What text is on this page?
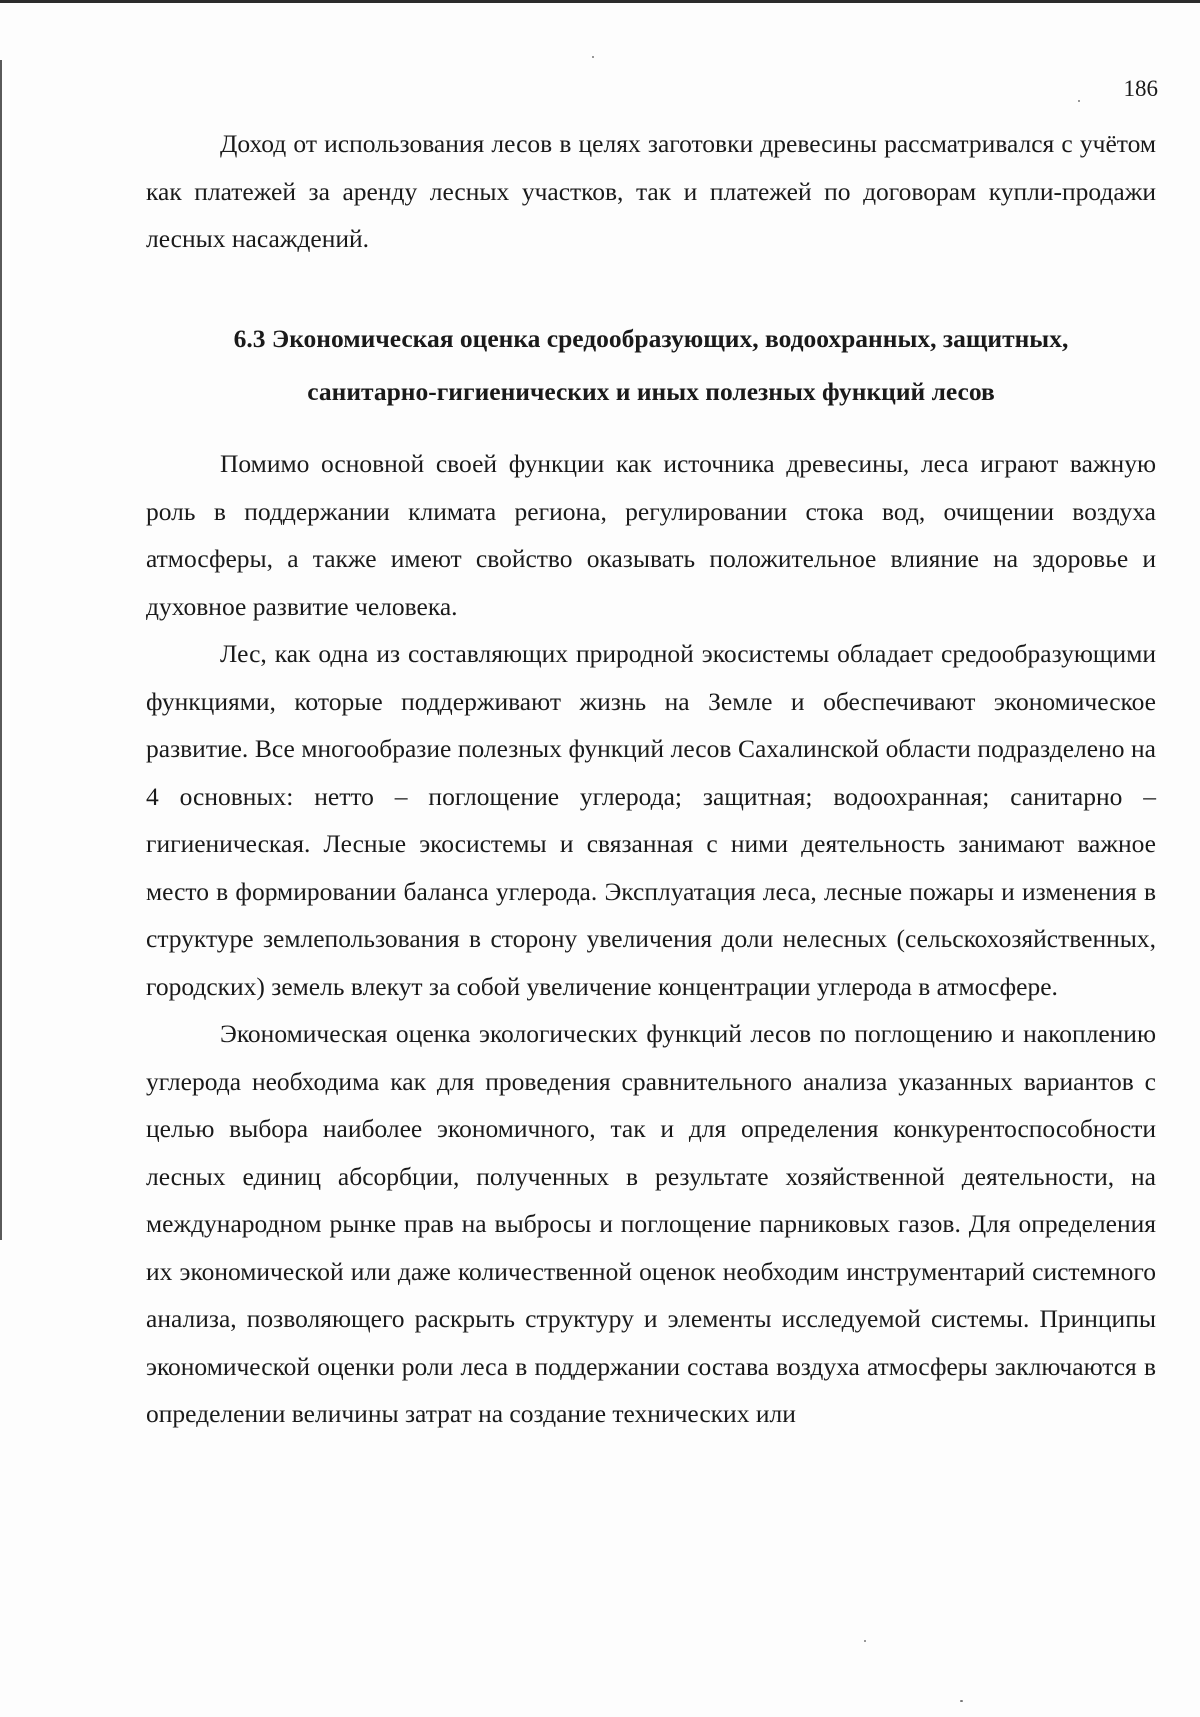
186

Доход от использования лесов в целях заготовки древесины рассматривался с учётом как платежей за аренду лесных участков, так и платежей по договорам купли-продажи лесных насаждений.

6.3 Экономическая оценка средообразующих, водоохранных, защитных,
санитарно-гигиенических и иных полезных функций лесов

Помимо основной своей функции как источника древесины, леса играют важную роль в поддержании климата региона, регулировании стока вод, очищении воздуха атмосферы, а также имеют свойство оказывать положительное влияние на здоровье и духовное развитие человека.

Лес, как одна из составляющих природной экосистемы обладает средообразующими функциями, которые поддерживают жизнь на Земле и обеспечивают экономическое развитие. Все многообразие полезных функций лесов Сахалинской области подразделено на 4 основных: нетто – поглощение углерода; защитная; водоохранная; санитарно – гигиеническая. Лесные экосистемы и связанная с ними деятельность занимают важное место в формировании баланса углерода. Эксплуатация леса, лесные пожары и изменения в структуре землепользования в сторону увеличения доли нелесных (сельскохозяйственных, городских) земель влекут за собой увеличение концентрации углерода в атмосфере.

Экономическая оценка экологических функций лесов по поглощению и накоплению углерода необходима как для проведения сравнительного анализа указанных вариантов с целью выбора наиболее экономичного, так и для определения конкурентоспособности лесных единиц абсорбции, полученных в результате хозяйственной деятельности, на международном рынке прав на выбросы и поглощение парниковых газов. Для определения их экономической или даже количественной оценок необходим инструментарий системного анализа, позволяющего раскрыть структуру и элементы исследуемой системы. Принципы экономической оценки роли леса в поддержании состава воздуха атмосферы заключаются в определении величины затрат на создание технических или
